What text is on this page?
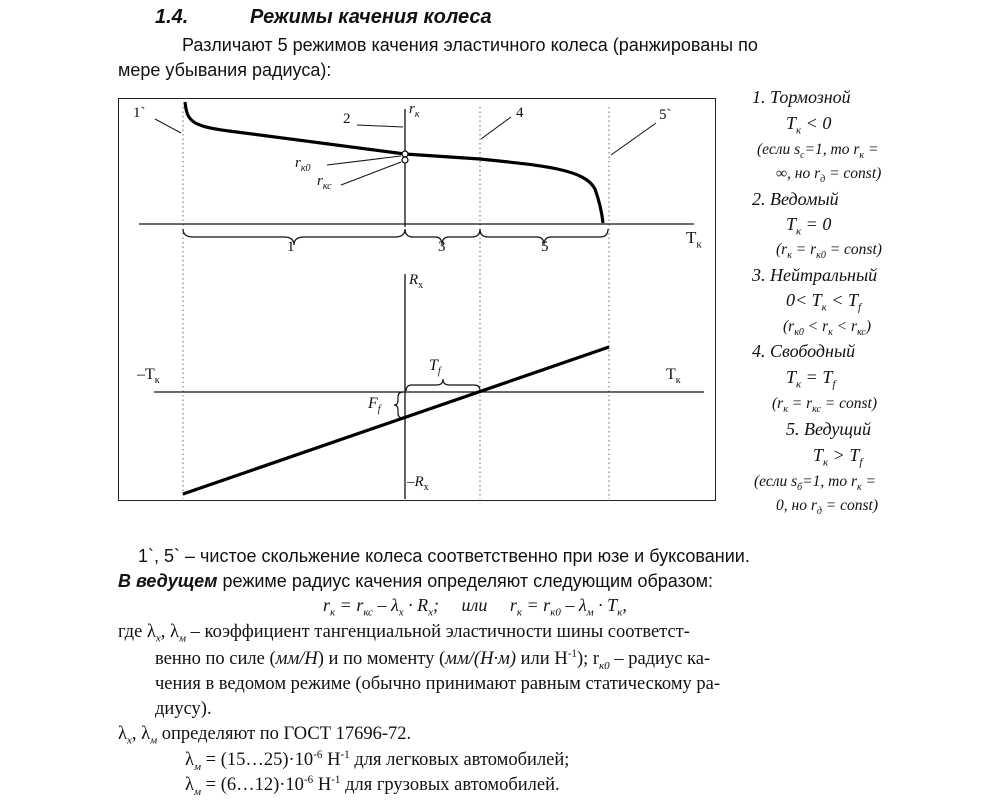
1.4.	Режимы качения колеса
Различают 5 режимов качения эластичного колеса (ранжированы по
мере убывания радиуса):
1`	2	4	5`
$r_к$
$r_{к0}$
$r_{кс}$
$T_к$
1	3	5
$R_х$
$-T_к$	$T_к$
$T_f$
$F_f$
$-R_х$
1. Тормозной
$T_к < 0$
(если $s_с=1$, то $r_к$ =
∞, но $r_д$ = const)
2. Ведомый
$T_к = 0$
($r_к = r_{к0}$ = const)
3. Нейтральный
$0< T_к < T_f$
$(r_{к0} < r_к < r_{кс})$
4. Свободный
$T_к = T_f$
($r_к = r_{кс}$ = const)
5. Ведущий
$T_к > T_f$
(если $s_б=1$, то $r_к$ =
0, но $r_д$ = const)
1`, 5` – чистое скольжение колеса соответственно при юзе и буксовании.
В ведущем режиме радиус качения определяют следующим образом:
$r_к = r_{кс} - \lambda_х \cdot R_х$;     или     $r_к = r_{к0} - \lambda_м \cdot T_к$,
где $\lambda_х$, $\lambda_м$ – коэффициент тангенциальной эластичности шины соответст-
венно по силе (мм/Н) и по моменту (мм/(Н·м) или $Н^{-1}$); $r_{к0}$ – радиус ка-
чения в ведомом режиме (обычно принимают равным статическому ра-
диусу).
$\lambda_х$, $\lambda_м$ определяют по ГОСТ 17696-72.
$\lambda_м$ = $(15\dots 25)\cdot 10^{-6}$ $Н^{-1}$ для легковых автомобилей;
$\lambda_м$ = $(6\dots 12)\cdot 10^{-6}$ $Н^{-1}$ для грузовых автомобилей.
